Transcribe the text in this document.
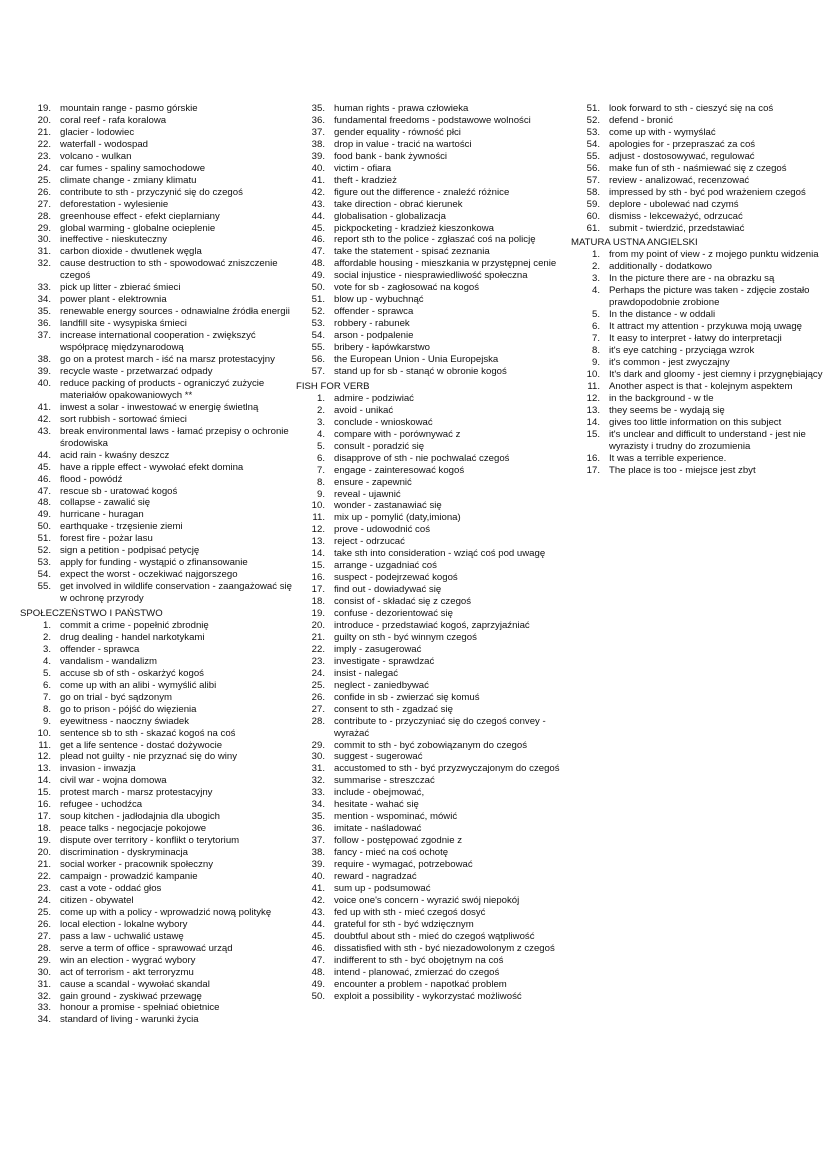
19. mountain range - pasmo górskie
20. coral reef - rafa koralowa
21. glacier - lodowiec
22. waterfall - wodospad
23. volcano - wulkan
24. car fumes - spaliny samochodowe
25. climate change - zmiany klimatu
26. contribute to sth - przyczynić się do czegoś
27. deforestation - wylesienie
28. greenhouse effect - efekt cieplarniany
29. global warming - globalne ocieplenie
30. ineffective - nieskuteczny
31. carbon dioxide - dwutlenek węgla
32. cause destruction to sth - spowodować zniszczenie czegoś
33. pick up litter - zbierać śmieci
34. power plant - elektrownia
35. renewable energy sources - odnawialne źródła energii
36. landfill site - wysypiska śmieci
37. increase international cooperation - zwiększyć współpracę międzynarodową
38. go on a protest march - iść na marsz protestacyjny
39. recycle waste - przetwarzać odpady
40. reduce packing of products - ograniczyć zużycie materiałów opakowaniowych **
41. inwest a solar - inwestować w energię świetlną
42. sort rubbish - sortować śmieci
43. break environmental laws - łamać przepisy o ochronie środowiska
44. acid rain - kwaśny deszcz
45. have a ripple effect - wywołać efekt domina
46. flood - powódź
47. rescue sb - uratować kogoś
48. collapse - zawalić się
49. hurricane - huragan
50. earthquake - trzęsienie ziemi
51. forest fire - pożar lasu
52. sign a petition - podpisać petycję
53. apply for funding - wystąpić o zfinansowanie
54. expect the worst - oczekiwać najgorszego
55. get involved in wildlife conservation - zaangażować się w ochronę przyrody
SPOŁECZEŃSTWO I PAŃSTWO
1. commit a crime - popełnić zbrodnię
2. drug dealing - handel narkotykami
3. offender - sprawca
4. vandalism - wandalizm
5. accuse sb of sth - oskarżyć kogoś
6. come up with an alibi - wymyślić alibi
7. go on trial - być sądzonym
8. go to prison - pójść do więzienia
9. eyewitness - naoczny świadek
10. sentence sb to sth - skazać kogoś na coś
11. get a life sentence - dostać dożywocie
12. plead not guilty - nie przyznać się do winy
13. invasion - inwazja
14. civil war - wojna domowa
15. protest march - marsz protestacyjny
16. refugee - uchodźca
17. soup kitchen - jadłodajnia dla ubogich
18. peace talks - negocjacje pokojowe
19. dispute over territory - konflikt o terytorium
20. discrimination - dyskryminacja
21. social worker - pracownik społeczny
22. campaign - prowadzić kampanie
23. cast a vote - oddać głos
24. citizen - obywatel
25. come up with a policy - wprowadzić nową politykę
26. local election - lokalne wybory
27. pass a law - uchwalić ustawę
28. serve a term of office - sprawować urząd
29. win an election - wygrać wybory
30. act of terrorism - akt terroryzmu
31. cause a scandal - wywołać skandal
32. gain ground - zyskiwać przewagę
33. honour a promise - spełniać obietnice
34. standard of living - warunki życia
35. human rights - prawa człowieka
36. fundamental freedoms - podstawowe wolności
37. gender equality - równość płci
38. drop in value - tracić na wartości
39. food bank - bank żywności
40. victim - ofiara
41. theft - kradzież
42. figure out the difference - znaleźć różnice
43. take direction - obrać kierunek
44. globalisation - globalizacja
45. pickpocketing - kradzież kieszonkowa
46. report sth to the police - zgłaszać coś na policję
47. take the statement - spisać zeznania
48. affordable housing - mieszkania w przystępnej cenie
49. social injustice - niesprawiedliwość społeczna
50. vote for sb - zagłosować na kogoś
51. blow up - wybuchnąć
52. offender - sprawca
53. robbery - rabunek
54. arson - podpalenie
55. bribery - łapówkarstwo
56. the European Union - Unia Europejska
57. stand up for sb - stanąć w obronie kogoś
FISH FOR VERB
1. admire - podziwiać
2. avoid - unikać
3. conclude - wnioskować
4. compare with - porównywać z
5. consult - poradzić się
6. disapprove of sth - nie pochwalać czegoś
7. engage - zainteresować kogoś
8. ensure - zapewnić
9. reveal - ujawnić
10. wonder - zastanawiać się
11. mix up - pomylić (daty,imiona)
12. prove - udowodnić coś
13. reject - odrzucać
14. take sth into consideration - wziąć coś pod uwagę
15. arrange - uzgadniać coś
16. suspect - podejrzewać kogoś
17. find out - dowiadywać się
18. consist of - składać się z czegoś
19. confuse - dezorientować się
20. introduce - przedstawiać kogoś, zaprzyjaźniać
21. guilty on sth - być winnym czegoś
22. imply - zasugerować
23. investigate - sprawdzać
24. insist - nalegać
25. neglect - zaniedbywać
26. confide in sb - zwierzać się komuś
27. consent to sth - zgadzać się
28. contribute to - przyczyniać się do czegoś convey - wyrażać
29. commit to sth - być zobowiązanym do czegoś
30. suggest - sugerować
31. accustomed to sth - być przyzwyczajonym do czegoś
32. summarise - streszczać
33. include - obejmować,
34. hesitate - wahać się
35. mention - wspominać, mówić
36. imitate - naśladować
37. follow - postępować zgodnie z
38. fancy - mieć na coś ochotę
39. require - wymagać, potrzebować
40. reward - nagradzać
41. sum up - podsumować
42. voice one's concern - wyrazić swój niepokój
43. fed up with sth - mieć czegoś dosyć
44. grateful for sth - być wdzięcznym
45. doubtful about sth - mieć do czegoś wątpliwość
46. dissatisfied with sth - być niezadowolonym z czegoś
47. indifferent to sth - być obojętnym na coś
48. intend - planować, zmierzać do czegoś
49. encounter a problem - napotkać problem
50. exploit a possibility - wykorzystać możliwość
51. look forward to sth - cieszyć się na coś
52. defend - bronić
53. come up with - wymyślać
54. apologies for - przepraszać za coś
55. adjust - dostosowywać, regulować
56. make fun of sth - naśmiewać się z czegoś
57. review - analizować, recenzować
58. impressed by sth - być pod wrażeniem czegoś
59. deplore - ubolewać nad czymś
60. dismiss - lekceważyć, odrzucać
61. submit - twierdzić, przedstawiać
MATURA USTNA ANGIELSKI
1. from my point of view - z mojego punktu widzenia
2. additionally - dodatkowo
3. In the picture there are - na obrazku są
4. Perhaps the picture was taken - zdjęcie zostało prawdopodobnie zrobione
5. In the distance - w oddali
6. It attract my attention - przykuwa moją uwagę
7. It easy to interpret - łatwy do interpretacji
8. it's eye catching - przyciąga wzrok
9. it's common - jest zwyczajny
10. It's dark and gloomy - jest ciemny i przygnębiający
11. Another aspect is that - kolejnym aspektem
12. in the background - w tle
13. they seems be - wydają się
14. gives too little information on this subject
15. it's unclear and difficult to understand - jest nie wyrazisty i trudny do zrozumienia
16. It was a terrible experience.
17. The place is too - miejsce jest zbyt
